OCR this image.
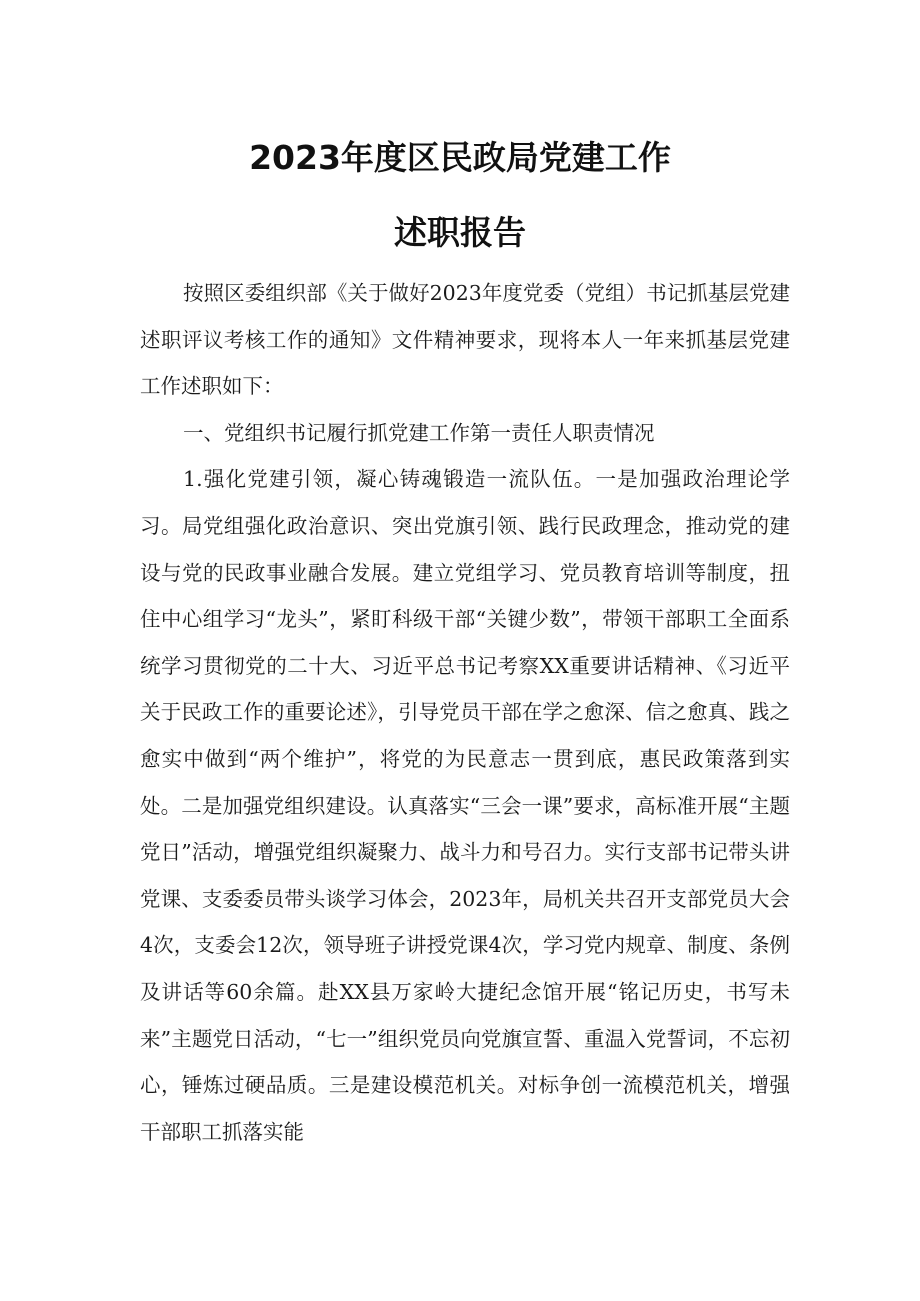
2023年度区民政局党建工作
述职报告

按照区委组织部《关于做好2023年度党委（党组）书记抓基层党建述职评议考核工作的通知》文件精神要求，现将本人一年来抓基层党建工作述职如下：

一、党组织书记履行抓党建工作第一责任人职责情况

1.强化党建引领，凝心铸魂锻造一流队伍。一是加强政治理论学习。局党组强化政治意识、突出党旗引领、践行民政理念，推动党的建设与党的民政事业融合发展。建立党组学习、党员教育培训等制度，扭住中心组学习“龙头”，紧盯科级干部“关键少数”，带领干部职工全面系统学习贯彻党的二十大、习近平总书记考察XX重要讲话精神、《习近平关于民政工作的重要论述》，引导党员干部在学之愈深、信之愈真、践之愈实中做到“两个维护”，将党的为民意志一贯到底，惠民政策落到实处。二是加强党组织建设。认真落实“三会一课”要求，高标准开展“主题党日”活动，增强党组织凝聚力、战斗力和号召力。实行支部书记带头讲党课、支委委员带头谈学习体会，2023年，局机关共召开支部党员大会4次，支委会12次，领导班子讲授党课4次，学习党内规章、制度、条例及讲话等60余篇。赴XX县万家岭大捷纪念馆开展“铭记历史，书写未来”主题党日活动，“七一”组织党员向党旗宣誓、重温入党誓词，不忘初心，锤炼过硬品质。三是建设模范机关。对标争创一流模范机关，增强干部职工抓落实能
